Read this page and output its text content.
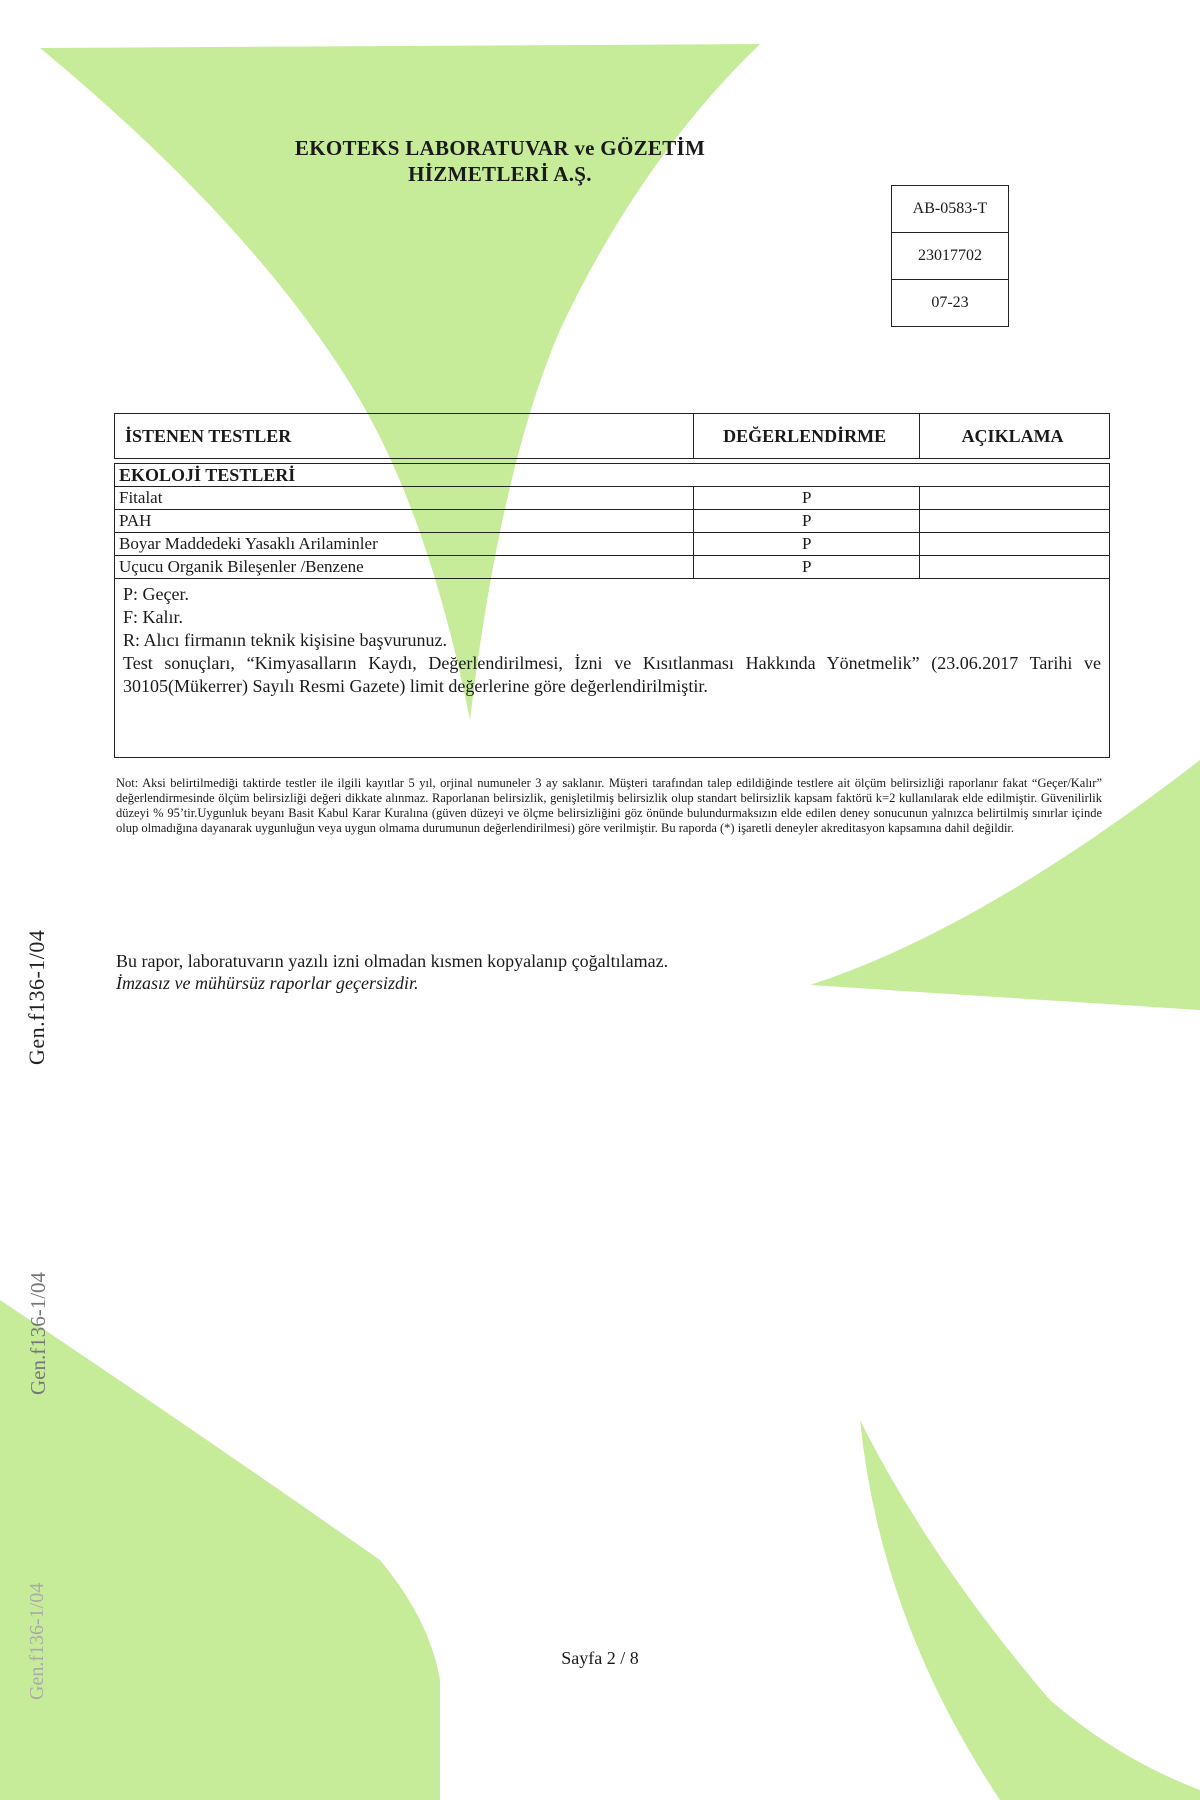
EKOTEKS LABORATUVAR ve GÖZETİM
HİZMETLERİ A.Ş.
AB-0583-T
23017702
07-23
İSTENEN TESTLER	DEĞERLENDİRME	AÇIKLAMA

EKOLOJİ TESTLERİ		
Fitalat	P	
PAH	P	
Boyar Maddedeki Yasaklı Arilaminler	P	
Uçucu Organik Bileşenler /Benzene	P	

P: Geçer.

F: Kalır.

R: Alıcı firmanın teknik kişisine başvurunuz.

Test sonuçları, “Kimyasalların Kaydı, Değerlendirilmesi, İzni ve Kısıtlanması Hakkında Yönetmelik” (23.06.2017 Tarihi ve 30105(Mükerrer) Sayılı Resmi Gazete) limit değerlerine göre değerlendirilmiştir.		

Not: Aksi belirtilmediği taktirde testler ile ilgili kayıtlar 5 yıl, orjinal numuneler 3 ay saklanır. Müşteri tarafından talep edildiğinde testlere ait ölçüm belirsizliği raporlanır fakat “Geçer/Kalır” değerlendirmesinde ölçüm belirsizliği değeri dikkate alınmaz. Raporlanan belirsizlik, genişletilmiş belirsizlik olup standart belirsizlik kapsam faktörü k=2 kullanılarak elde edilmiştir. Güvenilirlik düzeyi % 95’tir.Uygunluk beyanı Basit Kabul Karar Kuralına (güven düzeyi ve ölçme belirsizliğini göz önünde bulundurmaksızın elde edilen deney sonucunun yalnızca belirtilmiş sınırlar içinde olup olmadığına dayanarak uygunluğun veya uygun olmama durumunun değerlendirilmesi) göre verilmiştir. Bu raporda (*) işaretli deneyler akreditasyon kapsamına dahil değildir.
Bu rapor, laboratuvarın yazılı izni olmadan kısmen kopyalanıp çoğaltılamaz.
İmzasız ve mühürsüz raporlar geçersizdir.
Gen.f136-1/04
Gen.f136-1/04
Gen.f136-1/04	Sayfa 2 / 8
